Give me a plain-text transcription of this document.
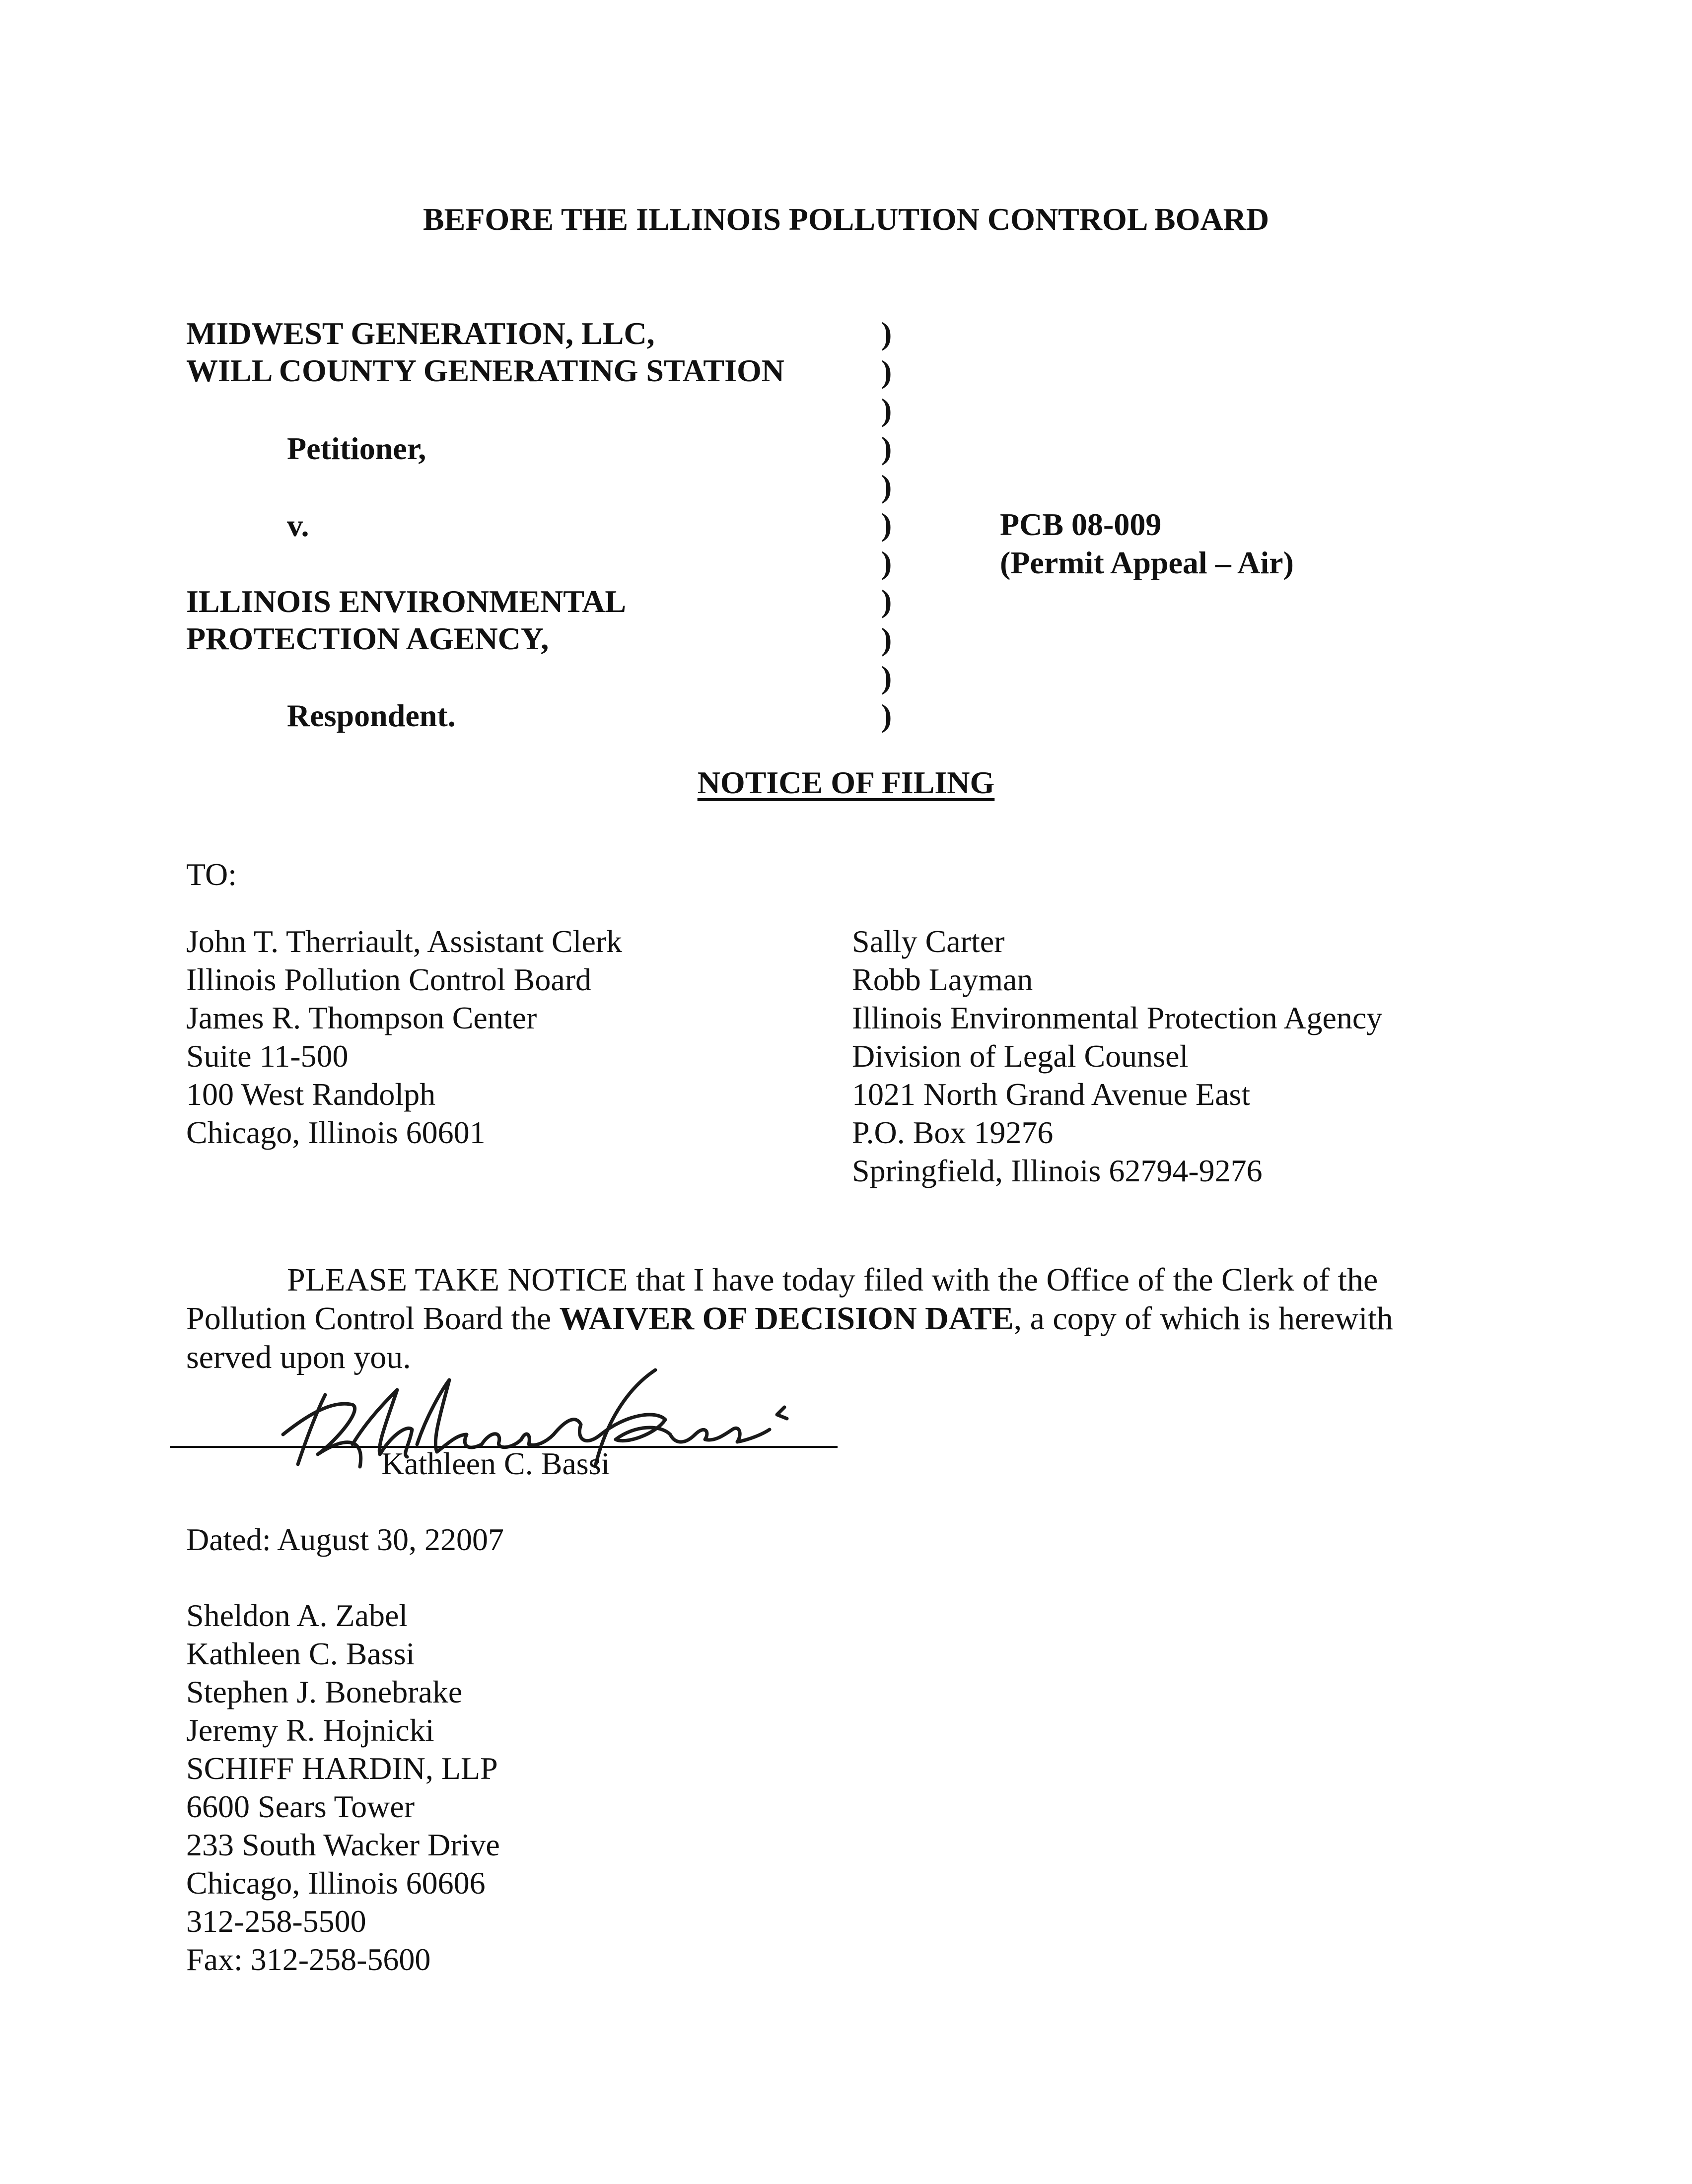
BEFORE THE ILLINOIS POLLUTION CONTROL BOARD
MIDWEST GENERATION, LLC,
WILL COUNTY GENERATING STATION
Petitioner,
v.
ILLINOIS ENVIRONMENTAL
PROTECTION AGENCY,
Respondent.
)
)
)
)
)
)
)
)
)
)
)
PCB 08-009
(Permit Appeal – Air)
NOTICE OF FILING
TO:
John T. Therriault, Assistant Clerk
Illinois Pollution Control Board
James R. Thompson Center
Suite 11-500
100 West Randolph
Chicago, Illinois 60601
Sally Carter
Robb Layman
Illinois Environmental Protection Agency
Division of Legal Counsel
1021 North Grand Avenue East
P.O. Box 19276
Springfield, Illinois 62794-9276
PLEASE TAKE NOTICE that I have today filed with the Office of the Clerk of the
Pollution Control Board the WAIVER OF DECISION DATE, a copy of which is herewith
served upon you.
Kathleen C. Bassi
Dated: August 30, 22007
Sheldon A. Zabel
Kathleen C. Bassi
Stephen J. Bonebrake
Jeremy R. Hojnicki
SCHIFF HARDIN, LLP
6600 Sears Tower
233 South Wacker Drive
Chicago, Illinois 60606
312-258-5500
Fax: 312-258-5600
